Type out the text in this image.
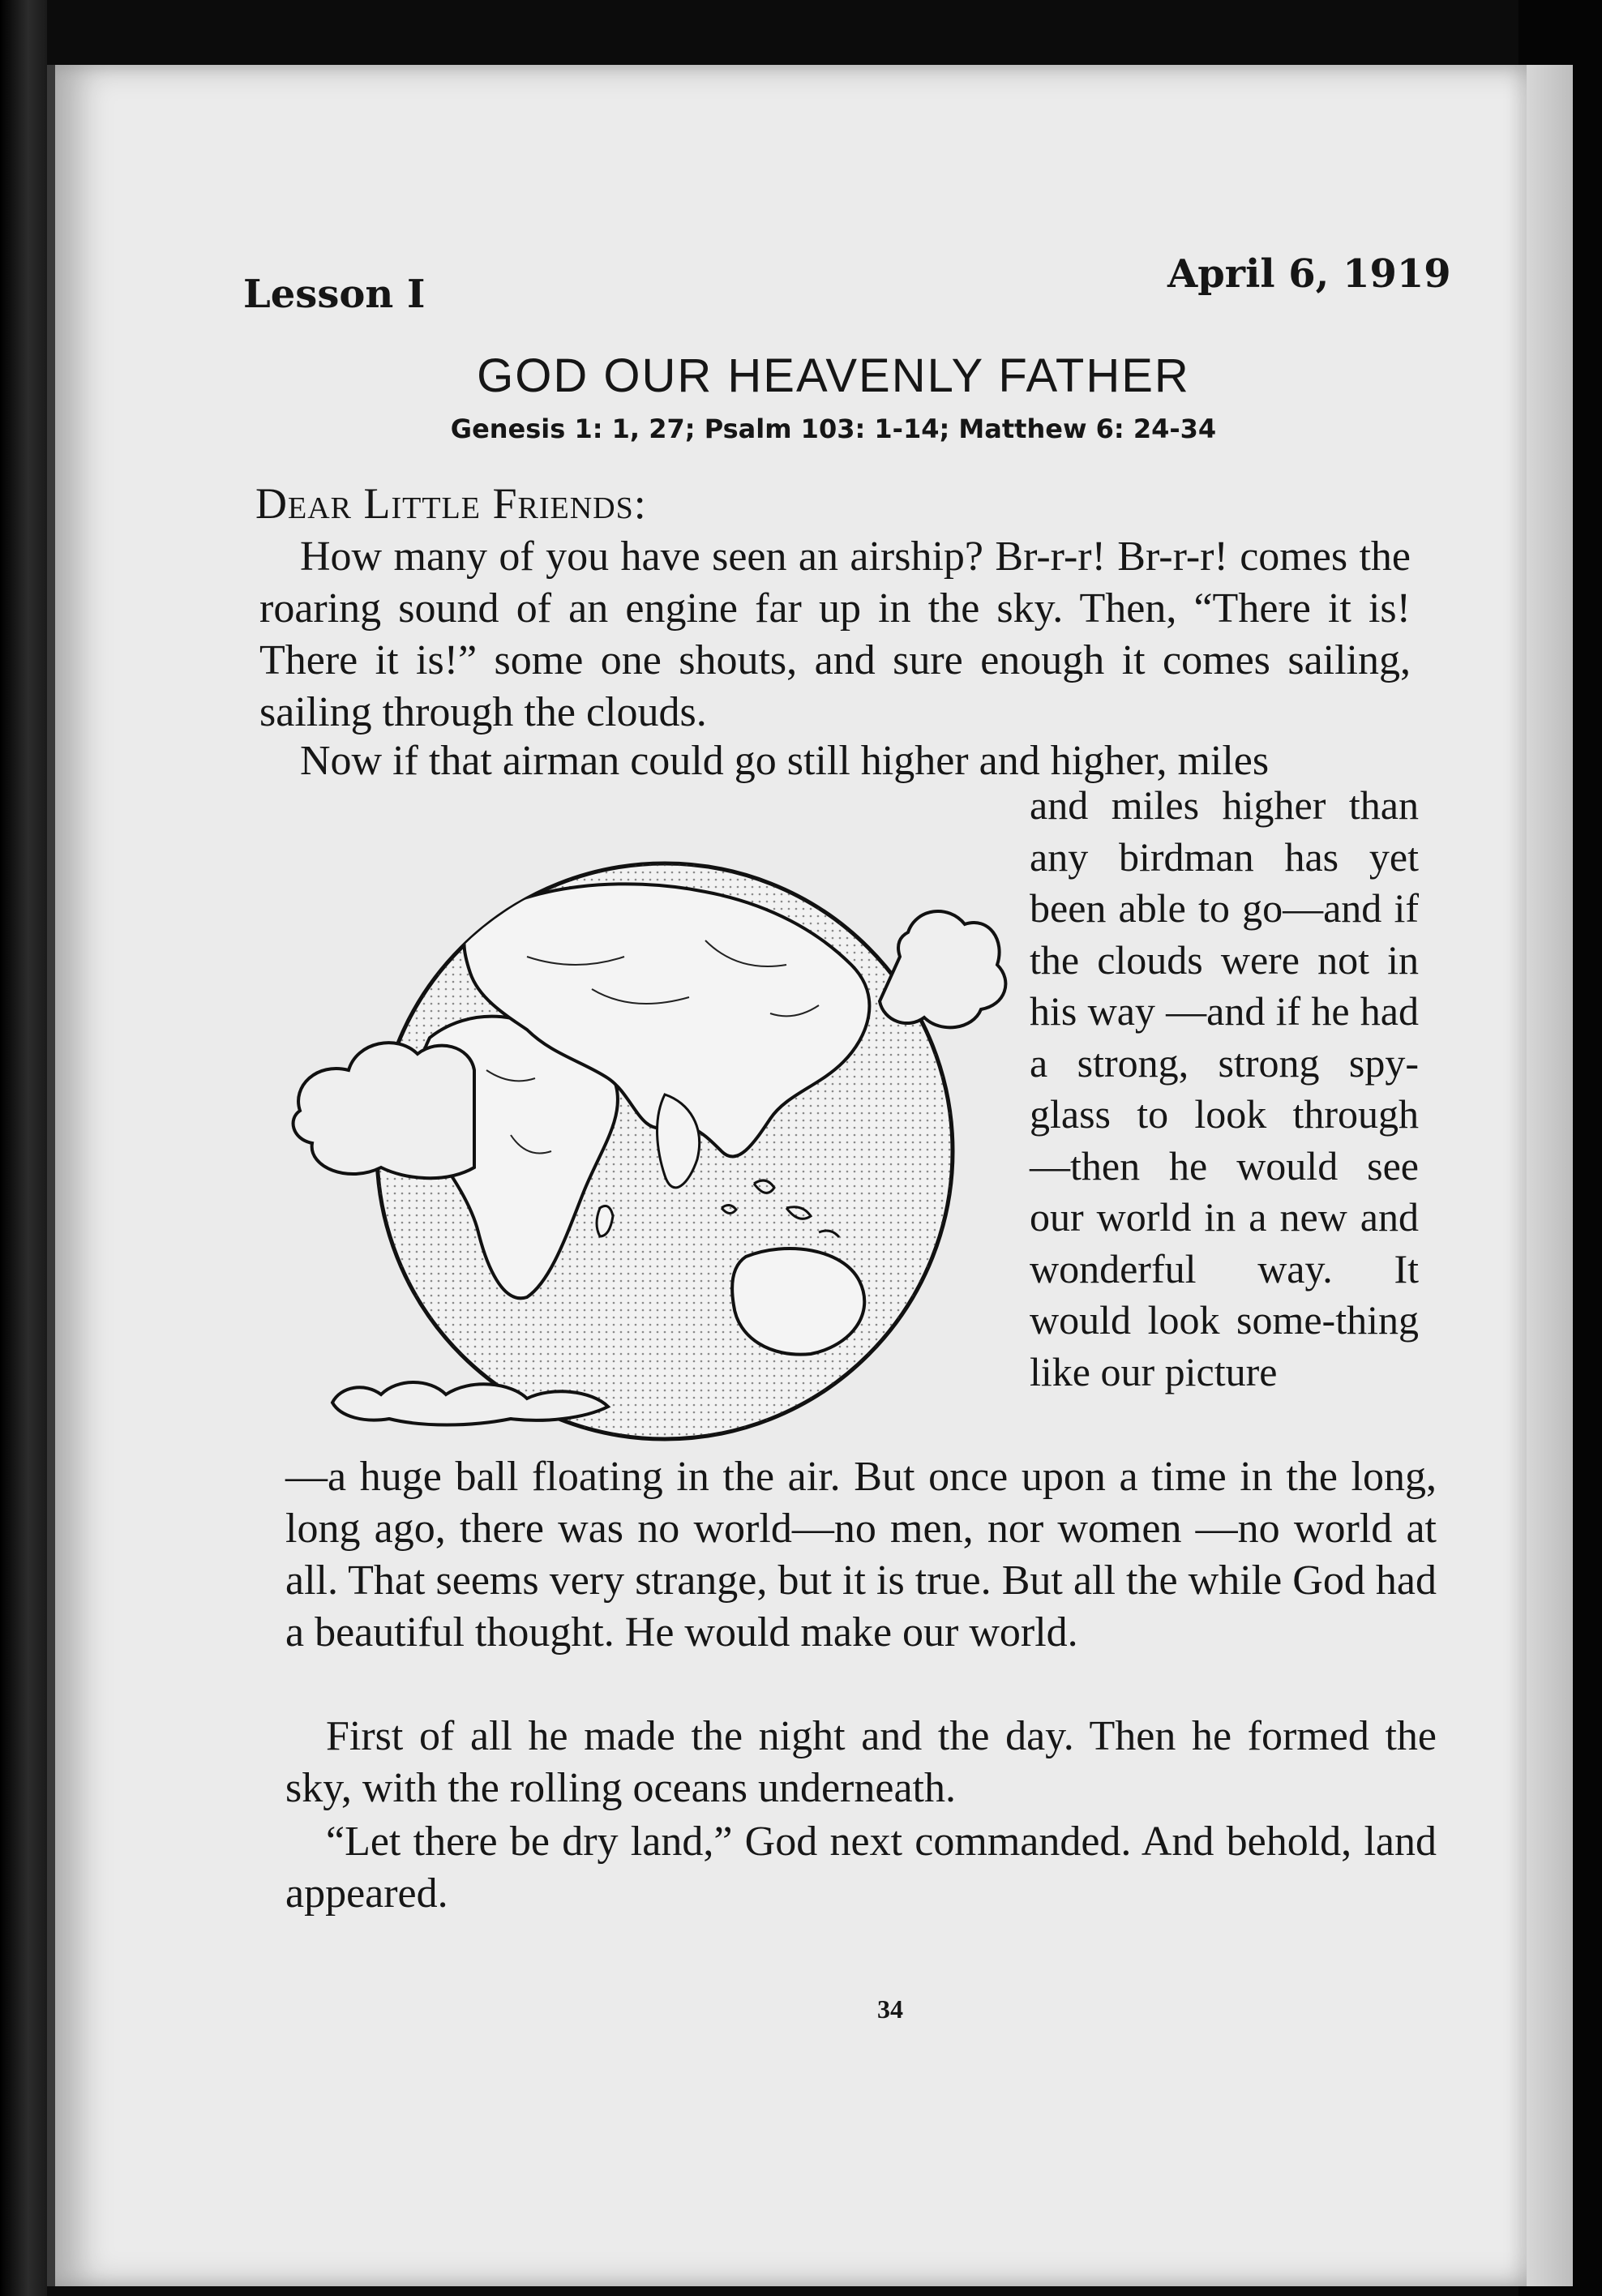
Lesson I	April 6, 1919
GOD OUR HEAVENLY FATHER
Genesis 1: 1, 27; Psalm 103: 1-14; Matthew 6: 24-34
Dear Little Friends:
How many of you have seen an airship? Br-r-r! Br-r-r! comes the roaring sound of an engine far up in the sky. Then, “There it is! There it is!” some one shouts, and sure enough it comes sailing, sailing through the clouds.
Now if that airman could go still higher and higher, miles
and miles higher than any birdman has yet been able to go—and if the clouds were not in his way —and if he had a strong, strong spy-glass to look through —then he would see our world in a new and wonderful way. It would look some-thing like our picture
—a huge ball floating in the air. But once upon a time in the long, long ago, there was no world—no men, nor women —no world at all. That seems very strange, but it is true. But all the while God had a beautiful thought. He would make our world.
First of all he made the night and the day. Then he formed the sky, with the rolling oceans underneath.
“Let there be dry land,” God next commanded. And behold, land appeared.
34
